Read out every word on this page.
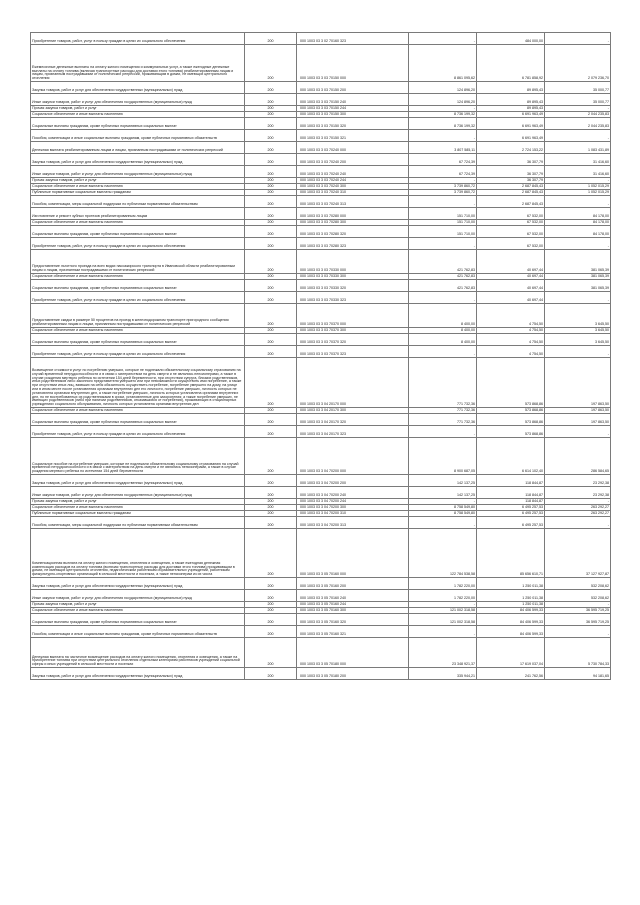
Приобретение товаров, работ, услуг в пользу граждан в целях их социального обеспечения	200	000 1003 03 3 02 70160 323	-	484 000,00	-
Ежемесячные денежные выплаты на оплату жилого помещения и коммунальных услуг, а также ежегодные денежные выплаты на оплату топлива (включая транспортные расходы для доставки этого топлива) реабилитированным лицам и лицам, признанным пострадавшими от политических репрессий, проживающим в домах, не имеющих центрального отопления	200	000 1003 03 3 03 70150 000	8 861 095,62	6 781 858,92	2 079 236,70
Закупка товаров, работ и услуг для обеспечения государственных (муниципальных) нужд	200	000 1003 03 3 03 70150 200	124 896,20	89 895,43	35 000,77
Иные закупки товаров, работ и услуг для обеспечения государственных (муниципальных) нужд	200	000 1003 03 3 03 70150 240	124 896,20	89 895,43	35 000,77
Прочая закупка товаров, работ и услуг	200	000 1003 03 3 03 70150 244	-	89 895,43	-
Социальное обеспечение и иные выплаты населению	200	000 1003 03 3 03 70150 300	8 736 199,32	6 691 963,49	2 044 235,83
Социальные выплаты гражданам, кроме публичных нормативных социальных выплат	200	000 1003 03 3 03 70150 320	8 736 199,32	6 691 963,49	2 044 235,83
Пособия, компенсации и иные социальные выплаты гражданам, кроме публичных нормативных обязательств	200	000 1003 03 3 03 70150 321	-	6 691 963,49	-
Денежная выплата реабилитированным лицам и лицам, признанным пострадавшими от политических репрессий	200	000 1003 03 3 03 70240 000	3 807 585,11	2 724 153,22	1 083 431,89
Закупка товаров, работ и услуг для обеспечения государственных (муниципальных) нужд	200	000 1003 03 3 03 70240 200	67 724,39	36 307,79	31 416,60
Иные закупки товаров, работ и услуг для обеспечения государственных (муниципальных) нужд	200	000 1003 03 3 03 70240 240	67 724,39	36 307,79	31 416,60
Прочая закупка товаров, работ и услуг	200	000 1003 03 3 03 70240 244	-	36 307,79	-
Социальное обеспечение и иные выплаты населению	200	000 1003 03 3 03 70240 300	3 739 860,72	2 687 845,43	1 052 015,29
Публичные нормативные социальные выплаты гражданам	200	000 1003 03 3 03 70240 310	3 739 860,72	2 687 845,43	1 052 015,29
Пособия, компенсации, меры социальной поддержки по публичным нормативным обязательствам	200	000 1003 03 3 03 70240 313	-	2 687 845,43	-
Изготовление и ремонт зубных протезов реабилитированным лицам	200	000 1003 03 3 03 70280 000	151 710,00	67 532,00	84 178,00
Социальное обеспечение и иные выплаты населению	200	000 1003 03 3 03 70280 300	151 710,00	67 532,00	84 178,00
Социальные выплаты гражданам, кроме публичных нормативных социальных выплат	200	000 1003 03 3 03 70280 320	151 710,00	67 532,00	84 178,00
Приобретение товаров, работ, услуг в пользу граждан в целях их социального обеспечения	200	000 1003 03 3 03 70280 323	-	67 532,00	-
Предоставление льготного проезда на всех видах пассажирского транспорта в Ивановской области реабилитированным лицам и лицам, признанным пострадавшими от политических репрессий	200	000 1003 03 3 03 70330 000	421 762,83	40 697,44	381 065,39
Социальное обеспечение и иные выплаты населению	200	000 1003 03 3 03 70330 300	421 762,83	40 697,44	381 065,39
Социальные выплаты гражданам, кроме публичных нормативных социальных выплат	200	000 1003 03 3 03 70330 320	421 762,83	40 697,44	381 065,39
Приобретение товаров, работ, услуг в пользу граждан в целях их социального обеспечения	200	000 1003 03 3 03 70330 323	-	40 697,44	-
Предоставление скидки в размере 50 процентов на проезд в железнодорожном транспорте пригородного сообщения реабилитированным лицам и лицам, признанным пострадавшими от политических репрессий	200	000 1003 03 3 03 70370 000	8 400,00	4 754,50	3 645,50
Социальное обеспечение и иные выплаты населению	200	000 1003 03 3 03 70370 300	8 400,00	4 754,50	3 645,50
Социальные выплаты гражданам, кроме публичных нормативных социальных выплат	200	000 1003 03 3 03 70370 320	8 400,00	4 754,50	3 645,50
Приобретение товаров, работ, услуг в пользу граждан в целях их социального обеспечения	200	000 1003 03 3 03 70370 323	-	4 754,50	-
Возмещение стоимости услуг по погребению умерших, которые не подлежали обязательному социальному страхованию на случай временной нетрудоспособности и в связи с материнством на день смерти и не являлись пенсионерами, а также в случае рождения мертвого ребенка по истечении 154 дней беременности, при отсутствии супруга, близких родственников, иных родственников либо законного представителя умершего или при невозможности осуществить ими погребение, а также при отсутствии иных лиц, взявших на себя обязанность осуществить погребение, погребение умершего на дому, на улице или в ином месте после установления органами внутренних дел его личности, погребение умерших, личность которых не установлена органами внутренних дел, а также погребение умерших, личность которых установлена органами внутренних дел, но не востребованных их родственниками в сроки, установленные для захоронения; а также погребение умерших, не имеющих родственников (либо при наличии родственников, отказавшихся от погребения), проживающих в стационарных учреждениях социального обслуживания, личность которых установлена органами внутренних дел	200	000 1003 03 3 04 20170 000	771 732,36	573 868,86	197 863,50
Социальное обеспечение и иные выплаты населению	200	000 1003 03 3 04 20170 300	771 732,36	573 868,86	197 863,50
Социальные выплаты гражданам, кроме публичных нормативных социальных выплат	200	000 1003 03 3 04 20170 320	771 732,36	573 868,86	197 863,50
Приобретение товаров, работ, услуг в пользу граждан в целях их социального обеспечения	200	000 1003 03 3 04 20170 323	-	573 868,86	-
Социальное пособие на погребение умерших, которые не подлежали обязательному социальному страхованию на случай временной нетрудоспособности и в связи с материнством на день смерти и не являлись пенсионерами, а также в случае рождения мертвого ребенка по истечении 154 дней беременности	200	000 1003 03 3 04 70200 000	8 900 687,05	6 614 102,40	286 584,65
Закупка товаров, работ и услуг для обеспечения государственных (муниципальных) нужд	200	000 1003 03 3 04 70200 200	142 137,25	118 844,87	23 292,38
Иные закупки товаров, работ и услуг для обеспечения государственных (муниципальных) нужд	200	000 1003 03 3 04 70200 240	142 137,25	118 844,87	23 292,38
Прочая закупка товаров, работ и услуг	200	000 1003 03 3 04 70200 244	-	118 844,87	-
Социальное обеспечение и иные выплаты населению	200	000 1003 03 3 04 70200 300	8 758 549,80	6 495 257,53	263 292,27
Публичные нормативные социальные выплаты гражданам	200	000 1003 03 3 04 70200 310	8 758 549,80	6 495 257,53	263 292,27
Пособия, компенсации, меры социальной поддержки по публичным нормативным обязательствам	200	000 1003 03 3 04 70200 313	-	6 495 257,53	-
Компенсационная выплата на оплату жилого помещения, отопления и освещения, а также ежегодная денежная компенсация расходов на оплату топлива (включая транспортные расходы для доставки этого топлива) проживающим в домах, не имеющих центрального отопления, педагогическим работникам образовательных учреждений, работникам физкультурно-спортивных организаций в сельской местности и поселках, а также пенсионерам из их числа	200	000 1003 03 3 05 70160 000	122 784 538,58	85 656 610,71	37 127 927,87
Закупка товаров, работ и услуг для обеспечения государственных (муниципальных) нужд	200	000 1003 03 3 05 70160 200	1 782 220,00	1 250 011,38	532 208,62
Иные закупки товаров, работ и услуг для обеспечения государственных (муниципальных) нужд	200	000 1003 03 3 05 70160 240	1 782 220,00	1 250 011,38	532 208,62
Прочая закупка товаров, работ и услуг	200	000 1003 03 3 05 70160 244	-	1 250 011,38	-
Социальное обеспечение и иные выплаты населению	200	000 1003 03 3 05 70160 300	121 002 318,58	84 406 599,33	36 595 719,25
Социальные выплаты гражданам, кроме публичных нормативных социальных выплат	200	000 1003 03 3 05 70160 320	121 002 318,58	84 406 599,33	36 595 719,25
Пособия, компенсации и иные социальные выплаты гражданам, кроме публичных нормативных обязательств	200	000 1003 03 3 05 70160 321	-	84 406 599,33	-
Денежная выплата на частичное возмещение расходов на оплату жилого помещения, отопления и освещения, а также на приобретение топлива при отсутствии центрального отопления отдельным категориям работников учреждений социальной сферы и иных учреждений в сельской местности и поселках	200	000 1003 03 3 05 70180 000	23 348 921,37	17 619 037,04	5 730 784,33
Закупка товаров, работ и услуг для обеспечения государственных (муниципальных) нужд	200	000 1003 03 3 05 70180 200	335 944,21	241 762,56	94 181,65
